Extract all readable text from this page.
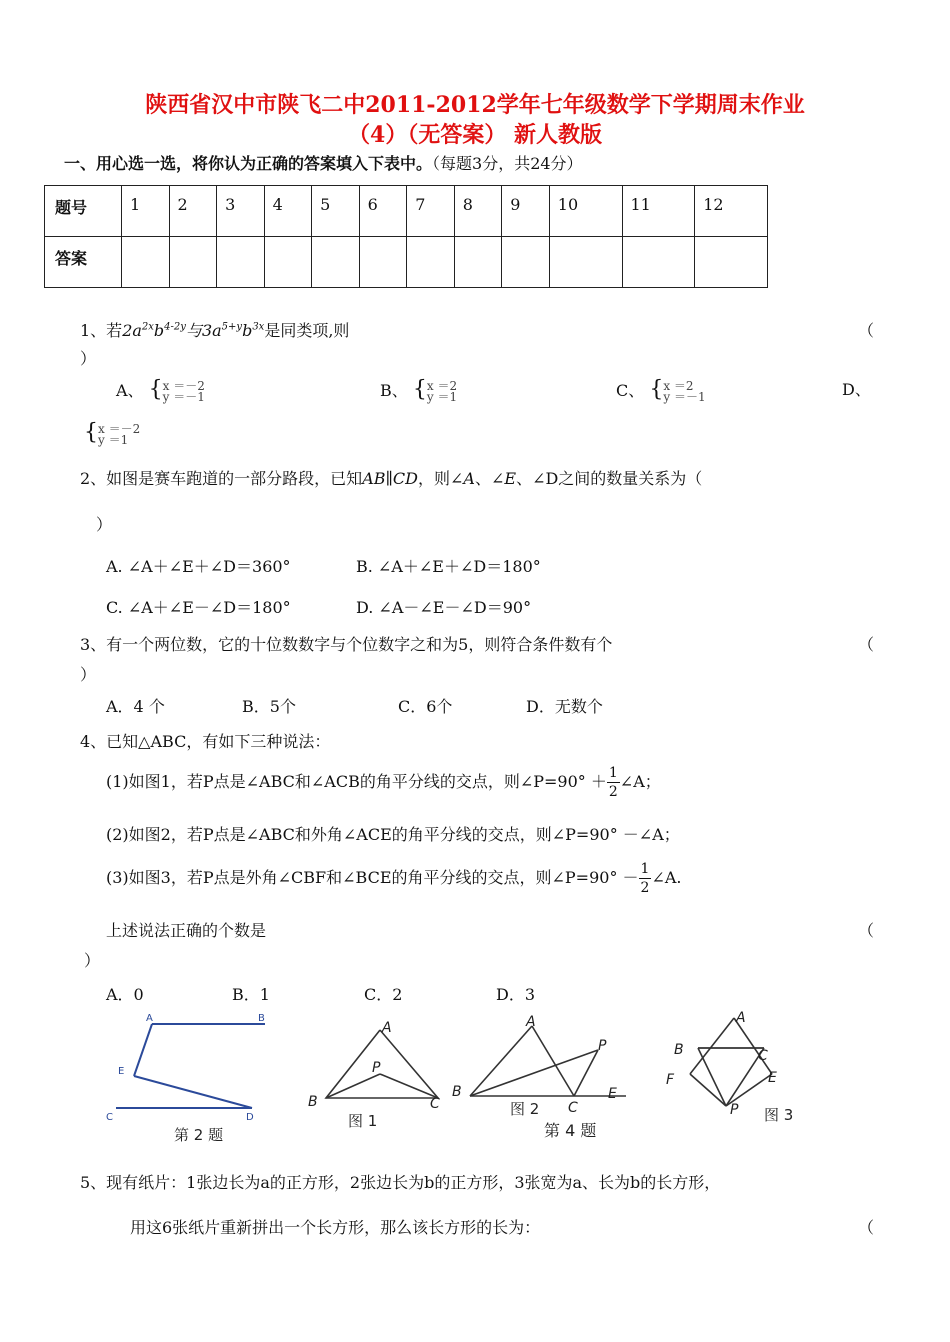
陕西省汉中市陕飞二中2011-2012学年七年级数学下学期周末作业
（4）（无答案） 新人教版
一、用心选一选，将你认为正确的答案填入下表中。（每题3分，共24分）
题号	1	2	3	4	5	6	7	8	9	10	11	12

答案												

1、若$2a^{2x}b^{4-2y}$与$3a^{5+y}b^{3x}$是同类项,则	（
）
A、 {x ＝－2
y ＝－1	B、 {x ＝2
y ＝1	C、 {x ＝2
y ＝－1	D、
{x ＝－2
y ＝1
2、如图是赛车跑道的一部分路段，已知AB∥CD，则∠A、∠E、∠D之间的数量关系为（
）
A. ∠A＋∠E＋∠D＝360°	B. ∠A＋∠E＋∠D＝180°
C. ∠A＋∠E－∠D＝180°	D. ∠A－∠E－∠D＝90°
3、有一个两位数，它的十位数数字与个位数字之和为5，则符合条件数有个	（
）
A．4 个	B．5个	C．6个	D．无数个
4、已知△ABC，有如下三种说法：
(1)如图1，若P点是∠ABC和∠ACB的角平分线的交点，则∠P=90° ＋ $\frac{1}{2}$ ∠A；
(2)如图2，若P点是∠ABC和外角∠ACE的角平分线的交点，则∠P=90° －∠A；
(3)如图3，若P点是外角∠CBF和∠BCE的角平分线的交点，则∠P=90° － $\frac{1}{2}$ ∠A.
上述说法正确的个数是	（
）
A．0	B．1	C．2	D．3
A	B
E
C	D
第 2 题
A
P
B	C
图 1
A
P
B
C
E
图 2
第 4 题
A
B	C
E
F
P 图 3
5、现有纸片：1张边长为a的正方形，2张边长为b的正方形，3张宽为a、长为b的长方形，
用这6张纸片重新拼出一个长方形，那么该长方形的长为：	（
